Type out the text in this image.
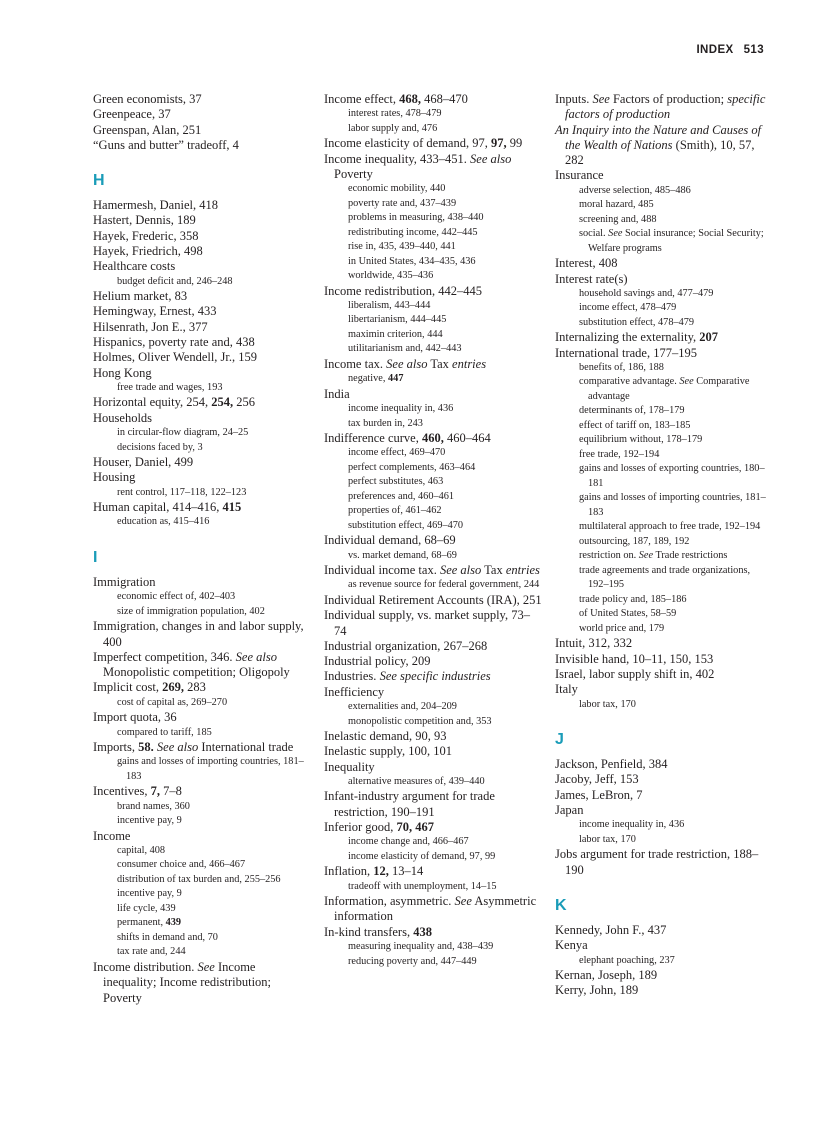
INDEX 513
Green economists, 37
Greenpeace, 37
Greenspan, Alan, 251
“Guns and butter” tradeoff, 4
H
Hamermesh, Daniel, 418
Hastert, Dennis, 189
Hayek, Frederic, 358
Hayek, Friedrich, 498
Healthcare costs
budget deficit and, 246–248
Helium market, 83
Hemingway, Ernest, 433
Hilsenrath, Jon E., 377
Hispanics, poverty rate and, 438
Holmes, Oliver Wendell, Jr., 159
Hong Kong
free trade and wages, 193
Horizontal equity, 254, 254, 256
Households
in circular-flow diagram, 24–25
decisions faced by, 3
Houser, Daniel, 499
Housing
rent control, 117–118, 122–123
Human capital, 414–416, 415
education as, 415–416
I
Immigration
economic effect of, 402–403
size of immigration population, 402
Immigration, changes in and labor supply, 400
Imperfect competition, 346. See also Monopolistic competition; Oligopoly
Implicit cost, 269, 283
cost of capital as, 269–270
Import quota, 36
compared to tariff, 185
Imports, 58. See also International trade
gains and losses of importing countries, 181–183
Incentives, 7, 7–8
brand names, 360
incentive pay, 9
Income
capital, 408
consumer choice and, 466–467
distribution of tax burden and, 255–256
incentive pay, 9
life cycle, 439
permanent, 439
shifts in demand and, 70
tax rate and, 244
Income distribution. See Income inequality; Income redistribution; Poverty
Income effect, 468, 468–470
interest rates, 478–479
labor supply and, 476
Income elasticity of demand, 97, 97, 99
Income inequality, 433–451. See also Poverty
economic mobility, 440
poverty rate and, 437–439
problems in measuring, 438–440
redistributing income, 442–445
rise in, 435, 439–440, 441
in United States, 434–435, 436
worldwide, 435–436
Income redistribution, 442–445
liberalism, 443–444
libertarianism, 444–445
maximin criterion, 444
utilitarianism and, 442–443
Income tax. See also Tax entries
negative, 447
India
income inequality in, 436
tax burden in, 243
Indifference curve, 460, 460–464
income effect, 469–470
perfect complements, 463–464
perfect substitutes, 463
preferences and, 460–461
properties of, 461–462
substitution effect, 469–470
Individual demand, 68–69
vs. market demand, 68–69
Individual income tax. See also Tax entries
as revenue source for federal government, 244
Individual Retirement Accounts (IRA), 251
Individual supply, vs. market supply, 73–74
Industrial organization, 267–268
Industrial policy, 209
Industries. See specific industries
Inefficiency
externalities and, 204–209
monopolistic competition and, 353
Inelastic demand, 90, 93
Inelastic supply, 100, 101
Inequality
alternative measures of, 439–440
Infant-industry argument for trade restriction, 190–191
Inferior good, 70, 467
income change and, 466–467
income elasticity of demand, 97, 99
Inflation, 12, 13–14
tradeoff with unemployment, 14–15
Information, asymmetric. See Asymmetric information
In-kind transfers, 438
measuring inequality and, 438–439
reducing poverty and, 447–449
Inputs. See Factors of production; specific factors of production
An Inquiry into the Nature and Causes of the Wealth of Nations (Smith), 10, 57, 282
Insurance
adverse selection, 485–486
moral hazard, 485
screening and, 488
social. See Social insurance; Social Security; Welfare programs
Interest, 408
Interest rate(s)
household savings and, 477–479
income effect, 478–479
substitution effect, 478–479
Internalizing the externality, 207
International trade, 177–195
benefits of, 186, 188
comparative advantage. See Comparative advantage
determinants of, 178–179
effect of tariff on, 183–185
equilibrium without, 178–179
free trade, 192–194
gains and losses of exporting countries, 180–181
gains and losses of importing countries, 181–183
multilateral approach to free trade, 192–194
outsourcing, 187, 189, 192
restriction on. See Trade restrictions
trade agreements and trade organizations, 192–195
trade policy and, 185–186
of United States, 58–59
world price and, 179
Intuit, 312, 332
Invisible hand, 10–11, 150, 153
Israel, labor supply shift in, 402
Italy
labor tax, 170
J
Jackson, Penfield, 384
Jacoby, Jeff, 153
James, LeBron, 7
Japan
income inequality in, 436
labor tax, 170
Jobs argument for trade restriction, 188–190
K
Kennedy, John F., 437
Kenya
elephant poaching, 237
Kernan, Joseph, 189
Kerry, John, 189
